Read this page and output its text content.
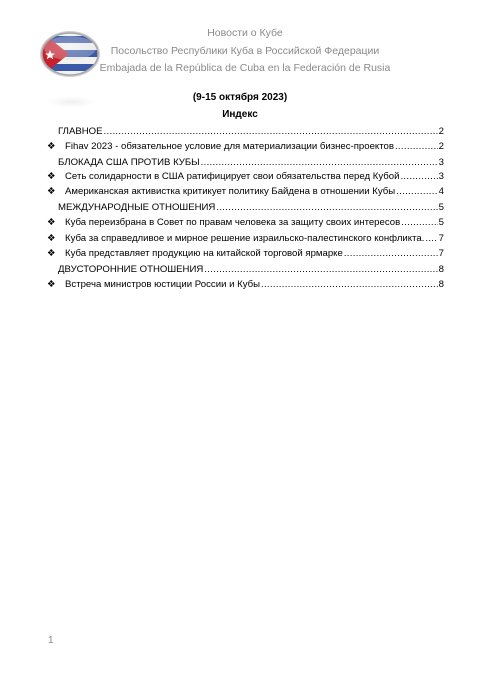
Новости о Кубе
Посольство Республики Куба в Российской Федерации
Embajada de la República de Cuba en la Federación de Rusia
(9-15 октября 2023)
Индекс
ГЛАВНОЕ .....	2
❖ Fihav 2023 - обязательное условие для материализации бизнес-проектов .....	2
БЛОКАДА США ПРОТИВ КУБЫ .....	3
❖ Сеть солидарности в США ратифицирует свои обязательства перед Кубой .....	3
❖ Американская активистка критикует политику Байдена в отношении Кубы .....	4
МЕЖДУНАРОДНЫЕ ОТНОШЕНИЯ .....	5
❖ Куба переизбрана в Совет по правам человека за защиту своих интересов .....	5
❖ Куба за справедливое и мирное решение израильско-палестинского конфликта. ..... 7
❖ Куба представляет продукцию на китайской торговой ярмарке .....	7
ДВУСТОРОННИЕ ОТНОШЕНИЯ .....	8
❖ Встреча министров юстиции России и Кубы .....	8
1
